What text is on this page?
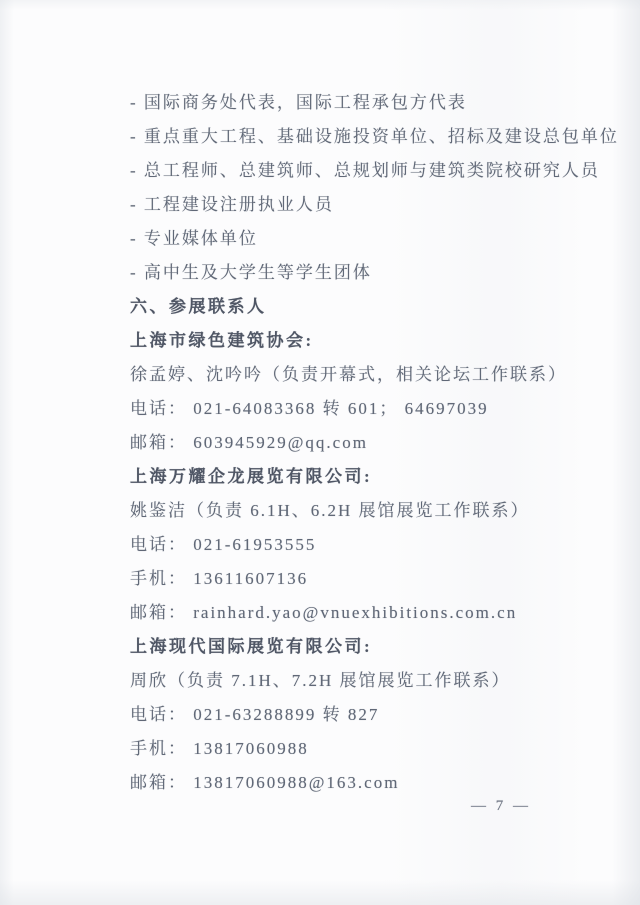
- 国际商务处代表，国际工程承包方代表

- 重点重大工程、基础设施投资单位、招标及建设总包单位

- 总工程师、总建筑师、总规划师与建筑类院校研究人员

- 工程建设注册执业人员

- 专业媒体单位

- 高中生及大学生等学生团体

六、参展联系人

上海市绿色建筑协会:

徐孟婷、沈吟吟（负责开幕式，相关论坛工作联系）

电话： 021-64083368 转 601； 64697039

邮箱： 603945929@qq.com

上海万耀企龙展览有限公司:

姚鉴洁（负责 6.1H、6.2H 展馆展览工作联系）

电话： 021-61953555

手机： 13611607136

邮箱： rainhard.yao@vnuexhibitions.com.cn

上海现代国际展览有限公司:

周欣（负责 7.1H、7.2H 展馆展览工作联系）

电话： 021-63288899 转 827

手机： 13817060988

邮箱： 13817060988@163.com

— 7 —
